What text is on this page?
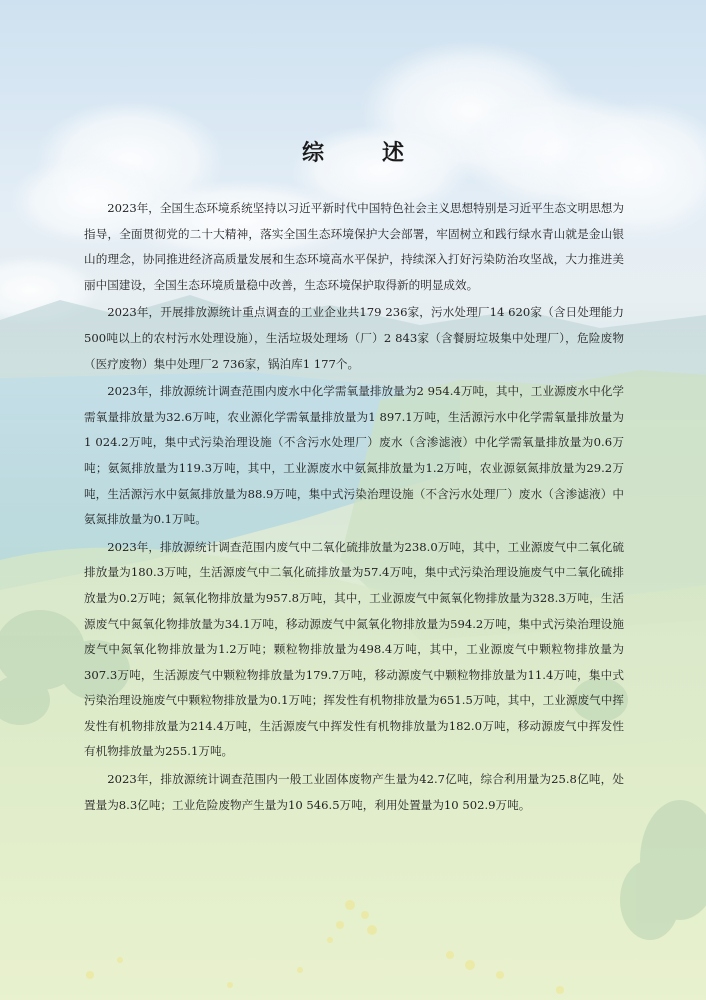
综　述

2023年，全国生态环境系统坚持以习近平新时代中国特色社会主义思想特别是习近平生态文明思想为指导，全面贯彻党的二十大精神，落实全国生态环境保护大会部署，牢固树立和践行绿水青山就是金山银山的理念，协同推进经济高质量发展和生态环境高水平保护，持续深入打好污染防治攻坚战，大力推进美丽中国建设，全国生态环境质量稳中改善，生态环境保护取得新的明显成效。

2023年，开展排放源统计重点调查的工业企业共179 236家，污水处理厂14 620家（含日处理能力500吨以上的农村污水处理设施），生活垃圾处理场（厂）2 843家（含餐厨垃圾集中处理厂），危险废物（医疗废物）集中处理厂2 736家，锅泊库1 177个。

2023年，排放源统计调查范围内废水中化学需氧量排放量为2 954.4万吨，其中，工业源废水中化学需氧量排放量为32.6万吨，农业源化学需氧量排放量为1 897.1万吨，生活源污水中化学需氧量排放量为1 024.2万吨，集中式污染治理设施（不含污水处理厂）废水（含渗滤液）中化学需氧量排放量为0.6万吨；氨氮排放量为119.3万吨，其中，工业源废水中氨氮排放量为1.2万吨，农业源氨氮排放量为29.2万吨，生活源污水中氨氮排放量为88.9万吨，集中式污染治理设施（不含污水处理厂）废水（含渗滤液）中氨氮排放量为0.1万吨。

2023年，排放源统计调查范围内废气中二氧化硫排放量为238.0万吨，其中，工业源废气中二氧化硫排放量为180.3万吨，生活源废气中二氧化硫排放量为57.4万吨，集中式污染治理设施废气中二氧化硫排放量为0.2万吨；氮氧化物排放量为957.8万吨，其中，工业源废气中氮氧化物排放量为328.3万吨，生活源废气中氮氧化物排放量为34.1万吨，移动源废气中氮氧化物排放量为594.2万吨，集中式污染治理设施废气中氮氧化物排放量为1.2万吨；颗粒物排放量为498.4万吨，其中，工业源废气中颗粒物排放量为307.3万吨，生活源废气中颗粒物排放量为179.7万吨，移动源废气中颗粒物排放量为11.4万吨，集中式污染治理设施废气中颗粒物排放量为0.1万吨；挥发性有机物排放量为651.5万吨，其中，工业源废气中挥发性有机物排放量为214.4万吨，生活源废气中挥发性有机物排放量为182.0万吨，移动源废气中挥发性有机物排放量为255.1万吨。

2023年，排放源统计调查范围内一般工业固体废物产生量为42.7亿吨，综合利用量为25.8亿吨，处置量为8.3亿吨；工业危险废物产生量为10 546.5万吨，利用处置量为10 502.9万吨。
